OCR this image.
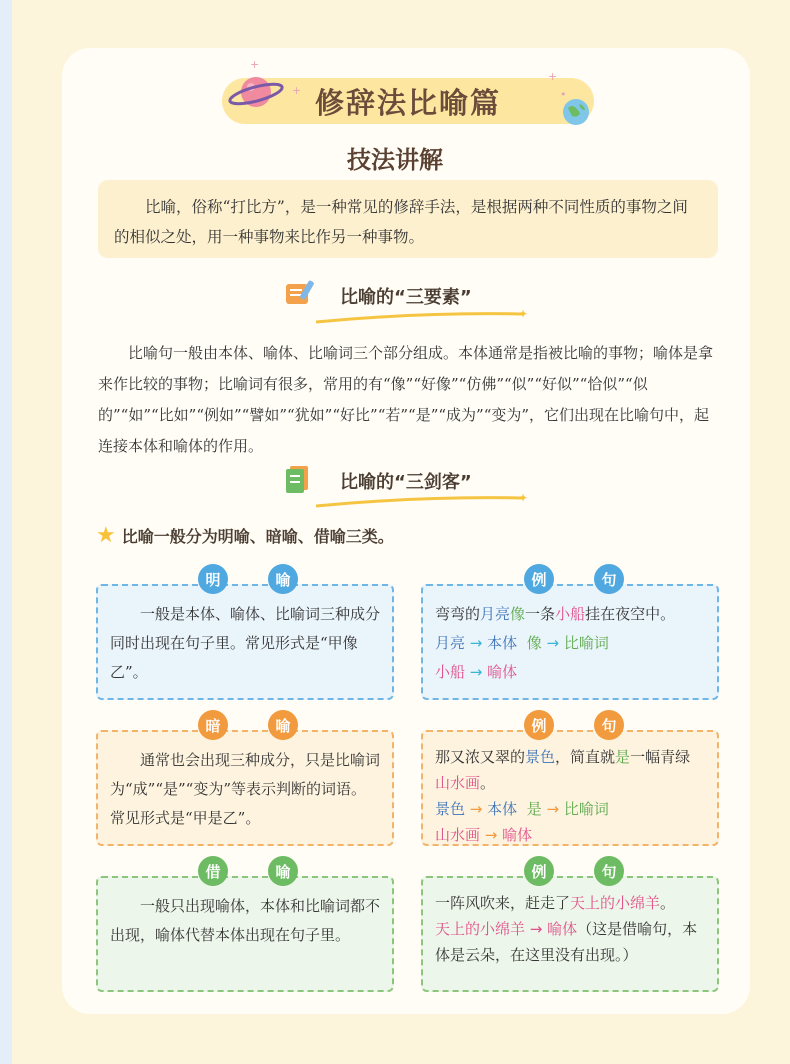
修辞法比喻篇
+
+
+
•
技法讲解
比喻，俗称“打比方”，是一种常见的修辞手法，是根据两种不同性质的事物之间的相似之处，用一种事物来比作另一种事物。
比喻的“三要素”
✦
比喻句一般由本体、喻体、比喻词三个部分组成。本体通常是指被比喻的事物；喻体是拿来作比较的事物；比喻词有很多，常用的有“像”“好像”“仿佛”“似”“好似”“恰似”“似的”“如”“比如”“例如”“譬如”“犹如”“好比”“若”“是”“成为”“变为”，它们出现在比喻句中，起连接本体和喻体的作用。
比喻的“三剑客”
✦
★ 比喻一般分为明喻、暗喻、借喻三类。
一般是本体、喻体、比喻词三种成分同时出现在句子里。常见形式是“甲像乙”。
明	喻
弯弯的月亮像一条小船挂在夜空中。
月亮 → 本体 像 → 比喻词
小船 → 喻体
例	句
通常也会出现三种成分，只是比喻词为“成”“是”“变为”等表示判断的词语。常见形式是“甲是乙”。
暗	喻
那又浓又翠的景色，简直就是一幅青绿山水画。
景色 → 本体 是 → 比喻词
山水画 → 喻体
例	句
一般只出现喻体，本体和比喻词都不出现，喻体代替本体出现在句子里。
借	喻
一阵风吹来，赶走了天上的小绵羊。
天上的小绵羊 → 喻体（这是借喻句，本体是云朵，在这里没有出现。）
例	句
